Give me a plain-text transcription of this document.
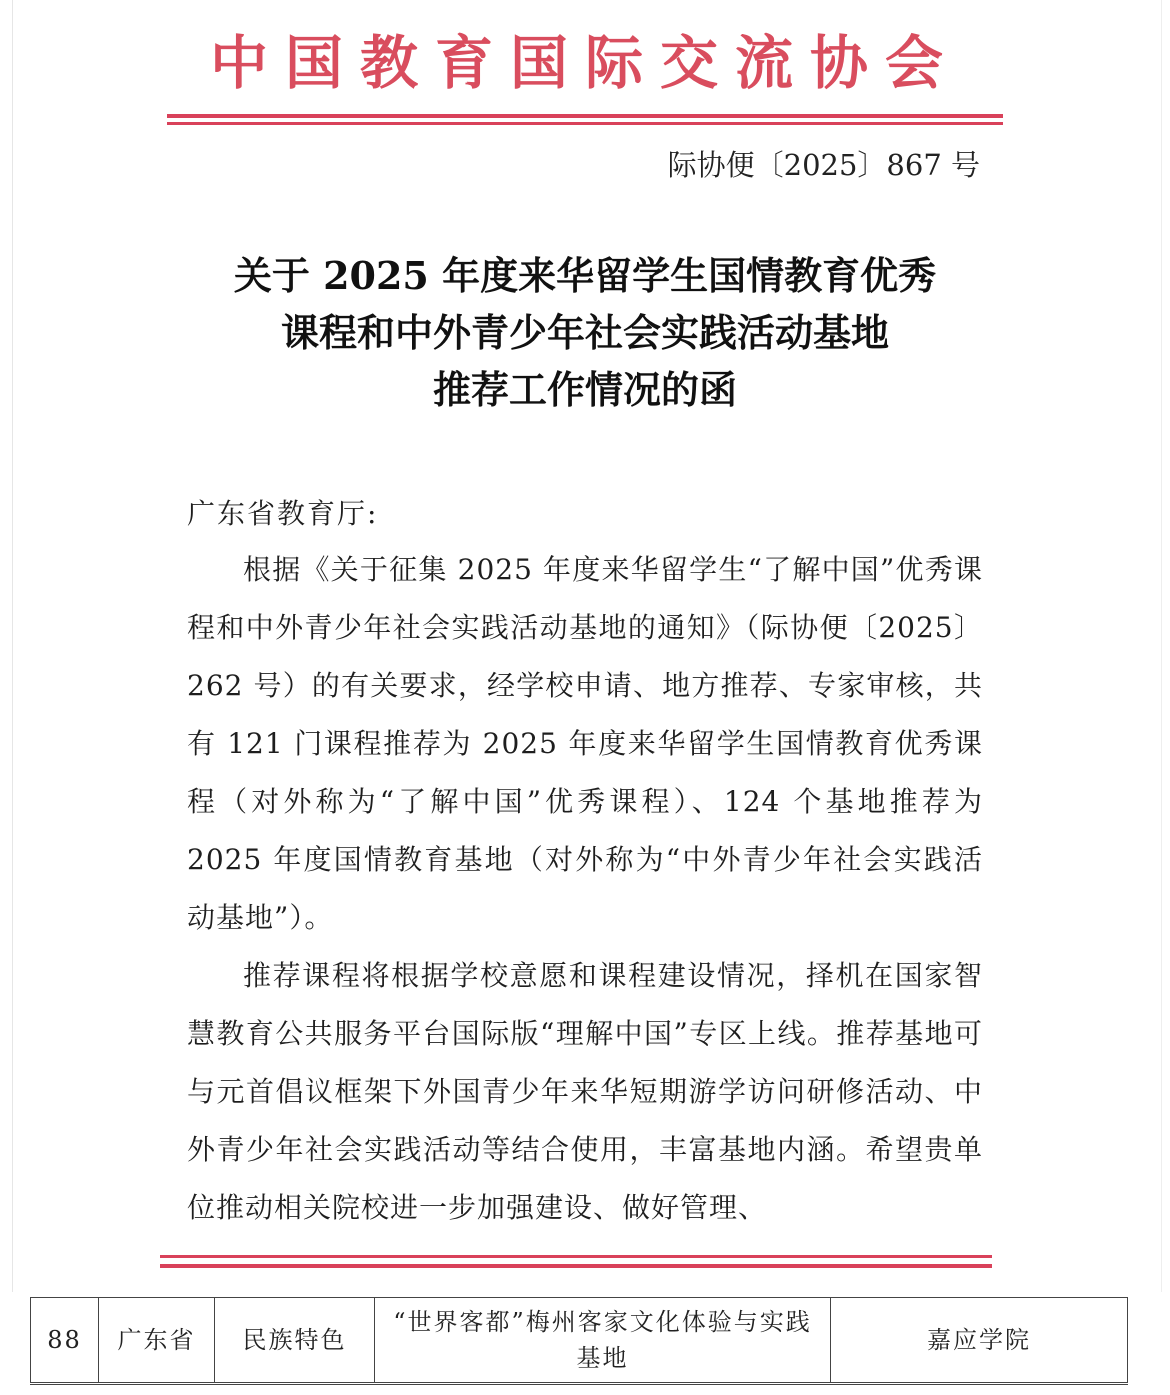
中国教育国际交流协会
际协便〔2025〕867 号
关于 2025 年度来华留学生国情教育优秀
课程和中外青少年社会实践活动基地
推荐工作情况的函
广东省教育厅:

根据《关于征集 2025 年度来华留学生“了解中国”优秀课程和中外青少年社会实践活动基地的通知》（际协便〔2025〕262 号）的有关要求，经学校申请、地方推荐、专家审核，共有 121 门课程推荐为 2025 年度来华留学生国情教育优秀课程（对外称为“了解中国”优秀课程）、124 个基地推荐为 2025 年度国情教育基地（对外称为“中外青少年社会实践活动基地”）。

推荐课程将根据学校意愿和课程建设情况，择机在国家智慧教育公共服务平台国际版“理解中国”专区上线。推荐基地可与元首倡议框架下外国青少年来华短期游学访问研修活动、中外青少年社会实践活动等结合使用，丰富基地内涵。希望贵单位推动相关院校进一步加强建设、做好管理、

88	广东省	民族特色	“世界客都”梅州客家文化体验与实践基地	嘉应学院
